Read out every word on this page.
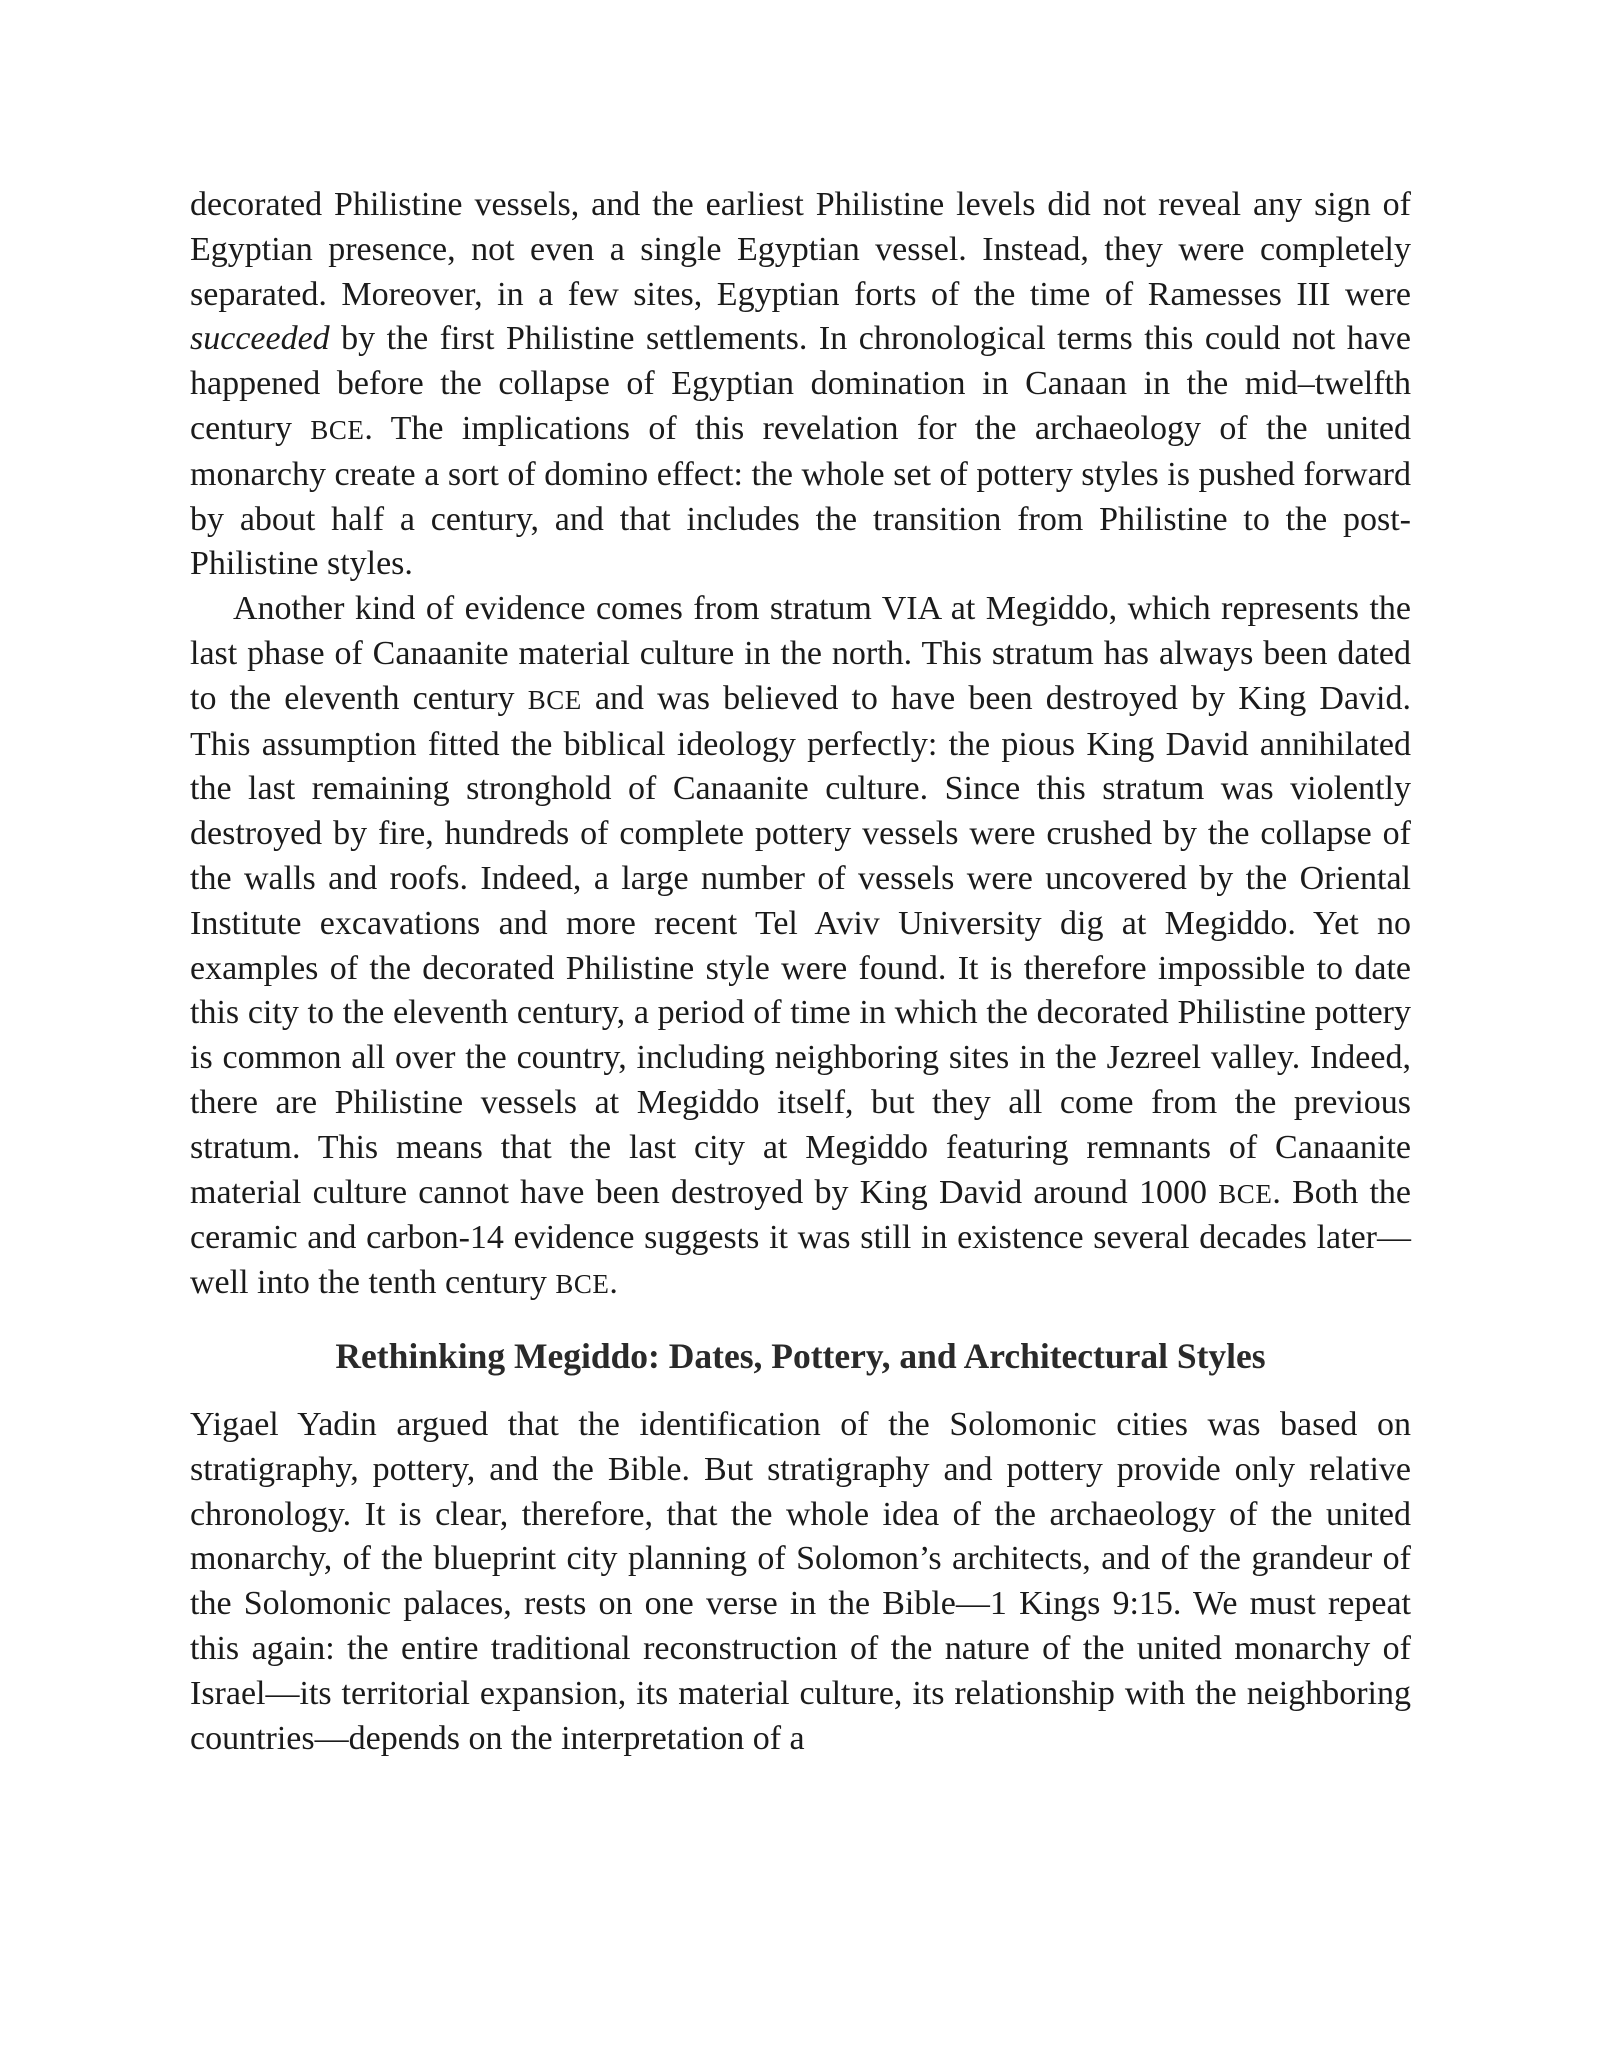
decorated Philistine vessels, and the earliest Philistine levels did not reveal any sign of Egyptian presence, not even a single Egyptian vessel. Instead, they were completely separated. Moreover, in a few sites, Egyptian forts of the time of Ramesses III were succeeded by the first Philistine settlements. In chronological terms this could not have happened before the collapse of Egyptian domination in Canaan in the mid–twelfth century BCE. The implications of this revelation for the archaeology of the united monarchy create a sort of domino effect: the whole set of pottery styles is pushed forward by about half a century, and that includes the transition from Philistine to the post-Philistine styles.

Another kind of evidence comes from stratum VIA at Megiddo, which represents the last phase of Canaanite material culture in the north. This stratum has always been dated to the eleventh century BCE and was believed to have been destroyed by King David. This assumption fitted the biblical ideology perfectly: the pious King David annihilated the last remaining stronghold of Canaanite culture. Since this stratum was violently destroyed by fire, hundreds of complete pottery vessels were crushed by the collapse of the walls and roofs. Indeed, a large number of vessels were uncovered by the Oriental Institute excavations and more recent Tel Aviv University dig at Megiddo. Yet no examples of the decorated Philistine style were found. It is therefore impossible to date this city to the eleventh century, a period of time in which the decorated Philistine pottery is common all over the country, including neighboring sites in the Jezreel valley. Indeed, there are Philistine vessels at Megiddo itself, but they all come from the previous stratum. This means that the last city at Megiddo featuring remnants of Canaanite material culture cannot have been destroyed by King David around 1000 BCE. Both the ceramic and carbon-14 evidence suggests it was still in existence several decades later—well into the tenth century BCE.

Rethinking Megiddo: Dates, Pottery, and Architectural Styles

Yigael Yadin argued that the identification of the Solomonic cities was based on stratigraphy, pottery, and the Bible. But stratigraphy and pottery provide only relative chronology. It is clear, therefore, that the whole idea of the archaeology of the united monarchy, of the blueprint city planning of Solomon’s architects, and of the grandeur of the Solomonic palaces, rests on one verse in the Bible—1 Kings 9:15. We must repeat this again: the entire traditional reconstruction of the nature of the united monarchy of Israel—its territorial expansion, its material culture, its relationship with the neighboring countries—depends on the interpretation of a
